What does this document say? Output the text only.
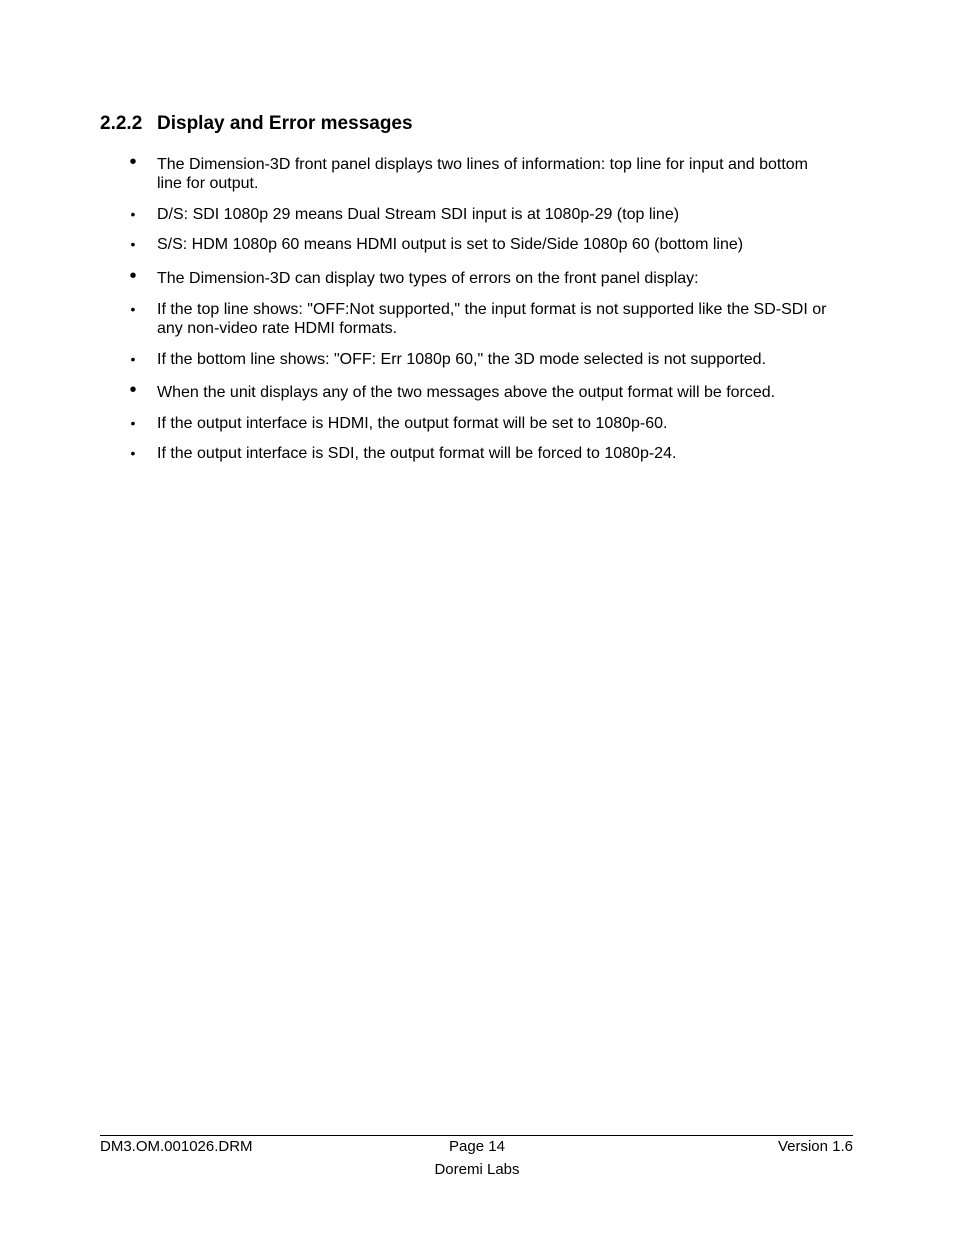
2.2.2 Display and Error messages
• The Dimension-3D front panel displays two lines of information: top line for input and bottom line for output.
• D/S: SDI 1080p 29 means Dual Stream SDI input is at 1080p-29 (top line)
• S/S: HDM 1080p 60 means HDMI output is set to Side/Side 1080p 60 (bottom line)
• The Dimension-3D can display two types of errors on the front panel display:
• If the top line shows: "OFF:Not supported," the input format is not supported like the SD-SDI or any non-video rate HDMI formats.
• If the bottom line shows: "OFF: Err 1080p 60," the 3D mode selected is not supported.
• When the unit displays any of the two messages above the output format will be forced.
• If the output interface is HDMI, the output format will be set to 1080p-60.
• If the output interface is SDI, the output format will be forced to 1080p-24.
DM3.OM.001026.DRM	Page 14	Version 1.6
Doremi Labs
